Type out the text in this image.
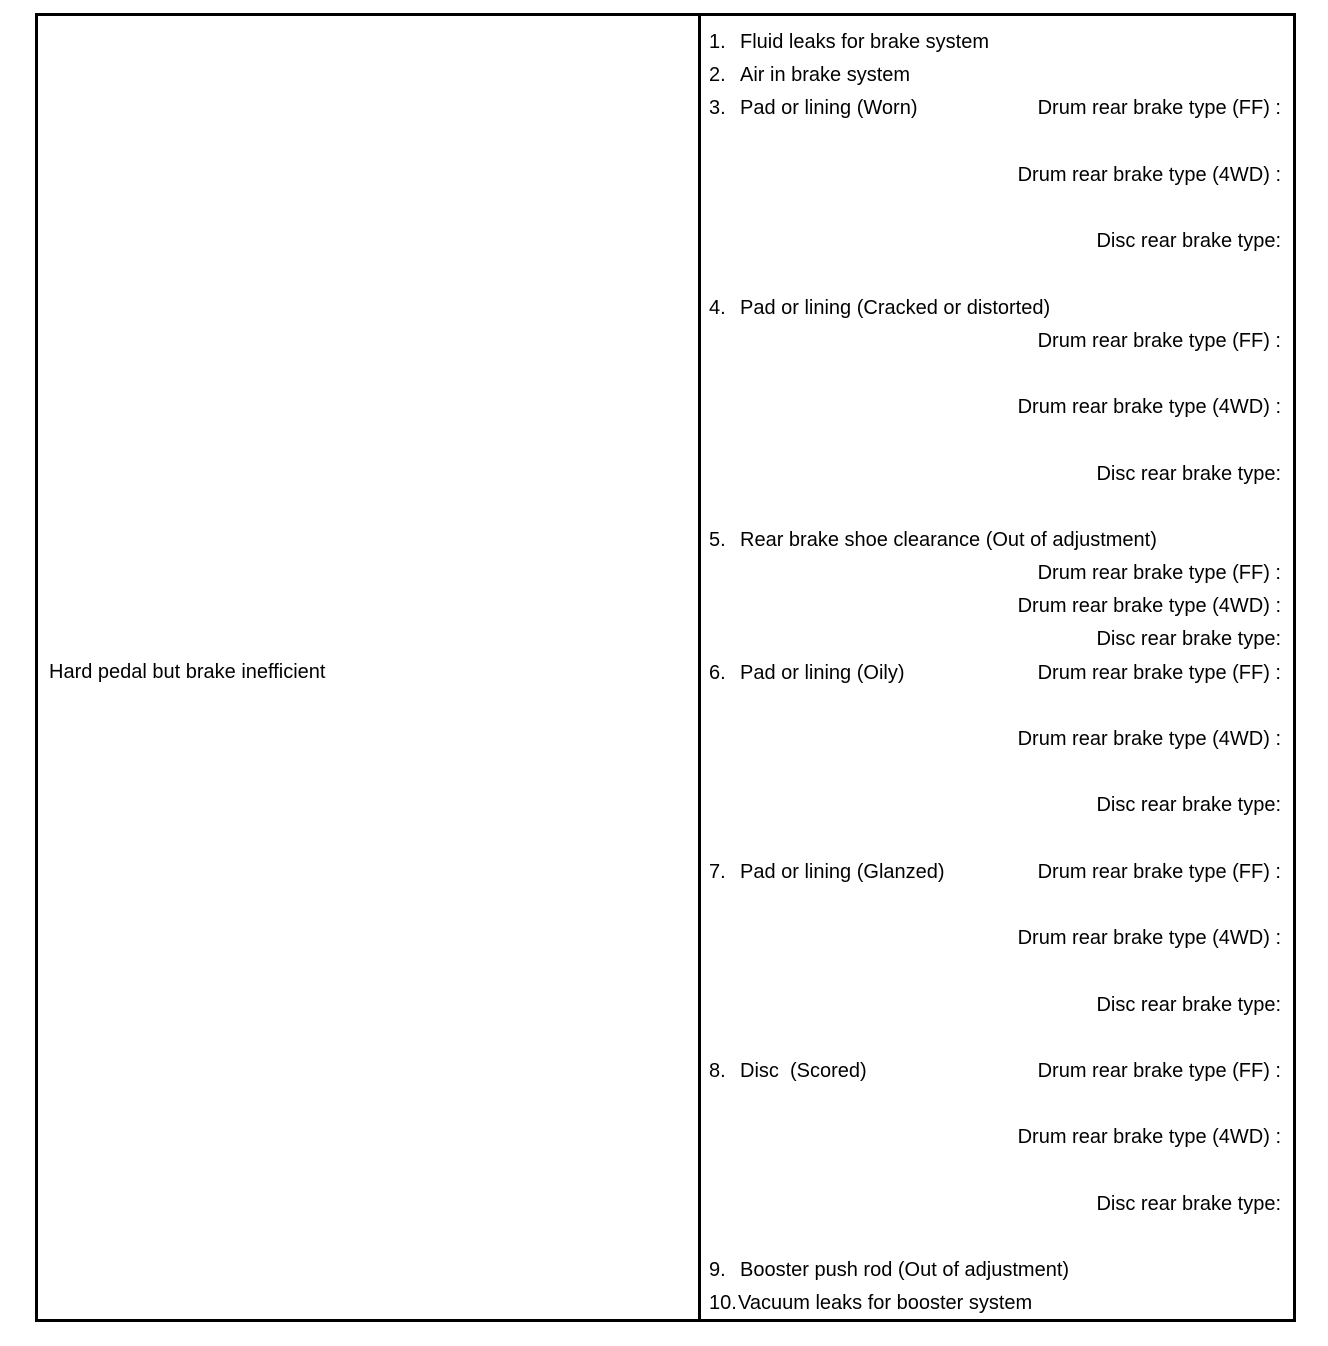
Hard pedal but brake inefficient
1. Fluid leaks for brake system
2. Air in brake system
3. Pad or lining (Worn)	Drum rear brake type (FF) :
Drum rear brake type (4WD) :
Disc rear brake type:
4. Pad or lining (Cracked or distorted)
Drum rear brake type (FF) :
Drum rear brake type (4WD) :
Disc rear brake type:
5. Rear brake shoe clearance (Out of adjustment)
Drum rear brake type (FF) :
Drum rear brake type (4WD) :
Disc rear brake type:
6. Pad or lining (Oily)	Drum rear brake type (FF) :
Drum rear brake type (4WD) :
Disc rear brake type:
7. Pad or lining (Glanzed)	Drum rear brake type (FF) :
Drum rear brake type (4WD) :
Disc rear brake type:
8. Disc  (Scored)	Drum rear brake type (FF) :
Drum rear brake type (4WD) :
Disc rear brake type:
9. Booster push rod (Out of adjustment)
10. Vacuum leaks for booster system
